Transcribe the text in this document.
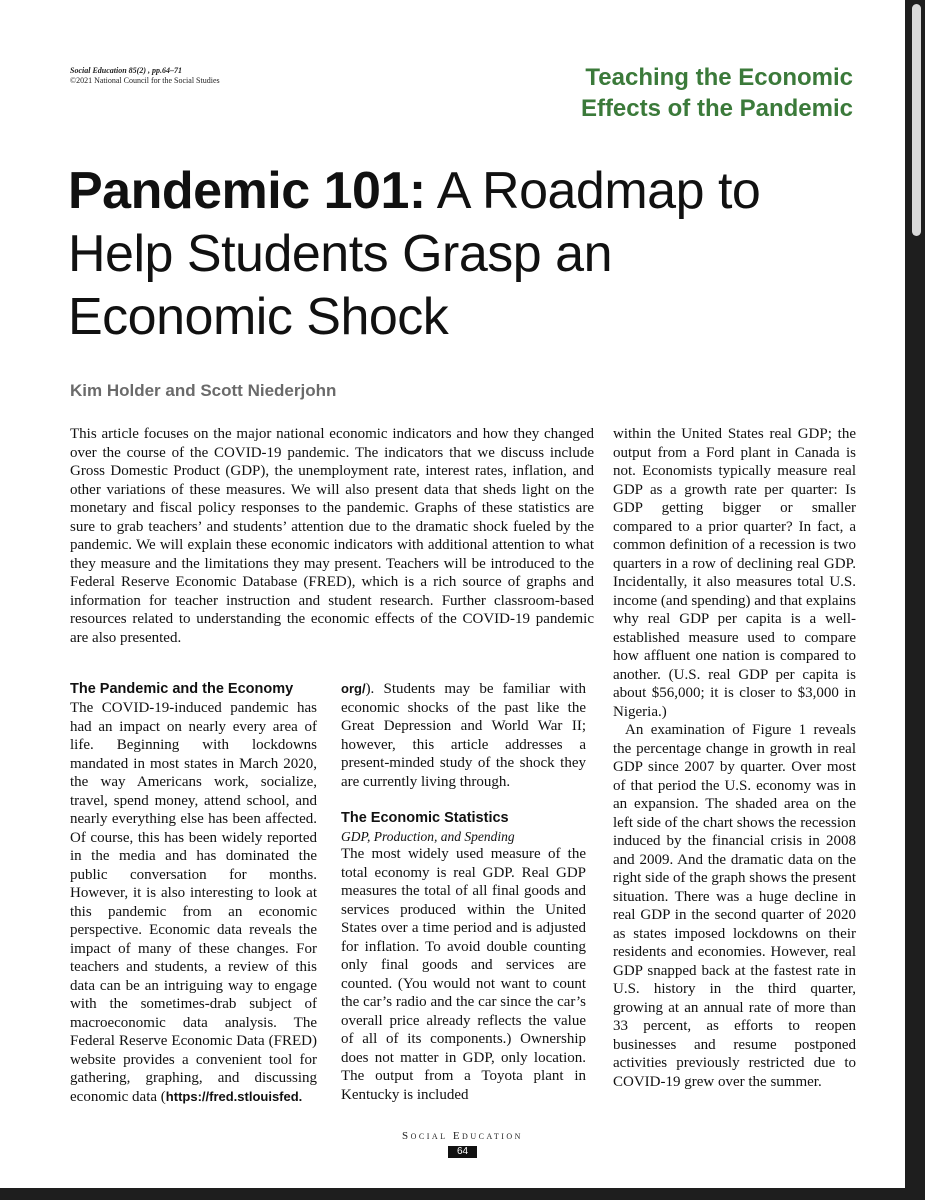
Social Education 85(2) , pp.64–71
©2021 National Council for the Social Studies	Teaching the Economic
Effects of the Pandemic
Pandemic 101: A Roadmap to Help Students Grasp an Economic Shock
Kim Holder and Scott Niederjohn

This article focuses on the major national economic indicators and how they changed over the course of the COVID-19 pandemic. The indicators that we discuss include Gross Domestic Product (GDP), the unemployment rate, interest rates, inflation, and other variations of these measures. We will also present data that sheds light on the monetary and fiscal policy responses to the pandemic. Graphs of these statistics are sure to grab teachers’ and students’ attention due to the dramatic shock fueled by the pandemic. We will explain these economic indicators with additional attention to what they measure and the limitations they may present. Teachers will be introduced to the Federal Reserve Economic Database (FRED), which is a rich source of graphs and information for teacher instruction and student research. Further classroom-based resources related to understanding the economic effects of the COVID-19 pandemic are also presented.

The Pandemic and the Economy

The COVID-19-induced pandemic has had an impact on nearly every area of life. Beginning with lockdowns mandated in most states in March 2020, the way Americans work, socialize, travel, spend money, attend school, and nearly everything else has been affected. Of course, this has been widely reported in the media and has dominated the public conversation for months. However, it is also interesting to look at this pandemic from an economic perspective. Economic data reveals the impact of many of these changes. For teachers and students, a review of this data can be an intriguing way to engage with the sometimes-drab subject of macroeconomic data analysis. The Federal Reserve Economic Data (FRED) website provides a convenient tool for gathering, graphing, and discussing economic data (https://fred.stlouisfed.

org/). Students may be familiar with economic shocks of the past like the Great Depression and World War II; however, this article addresses a present-minded study of the shock they are currently living through.

The Economic Statistics
GDP, Production, and Spending

The most widely used measure of the total economy is real GDP. Real GDP measures the total of all final goods and services produced within the United States over a time period and is adjusted for inflation. To avoid double counting only final goods and services are counted. (You would not want to count the car’s radio and the car since the car’s overall price already reflects the value of all of its components.) Ownership does not matter in GDP, only location. The output from a Toyota plant in Kentucky is included

within the United States real GDP; the output from a Ford plant in Canada is not. Economists typically measure real GDP as a growth rate per quarter: Is GDP getting bigger or smaller compared to a prior quarter? In fact, a common definition of a recession is two quarters in a row of declining real GDP. Incidentally, it also measures total U.S. income (and spending) and that explains why real GDP per capita is a well-established measure used to compare how affluent one nation is compared to another. (U.S. real GDP per capita is about $56,000; it is closer to $3,000 in Nigeria.)

An examination of Figure 1 reveals the percentage change in growth in real GDP since 2007 by quarter. Over most of that period the U.S. economy was in an expansion. The shaded area on the left side of the chart shows the recession induced by the financial crisis in 2008 and 2009. And the dramatic data on the right side of the graph shows the present situation. There was a huge decline in real GDP in the second quarter of 2020 as states imposed lockdowns on their residents and economies. However, real GDP snapped back at the fastest rate in U.S. history in the third quarter, growing at an annual rate of more than 33 percent, as efforts to reopen businesses and resume postponed activities previously restricted due to COVID-19 grew over the summer.

Social Education
64
